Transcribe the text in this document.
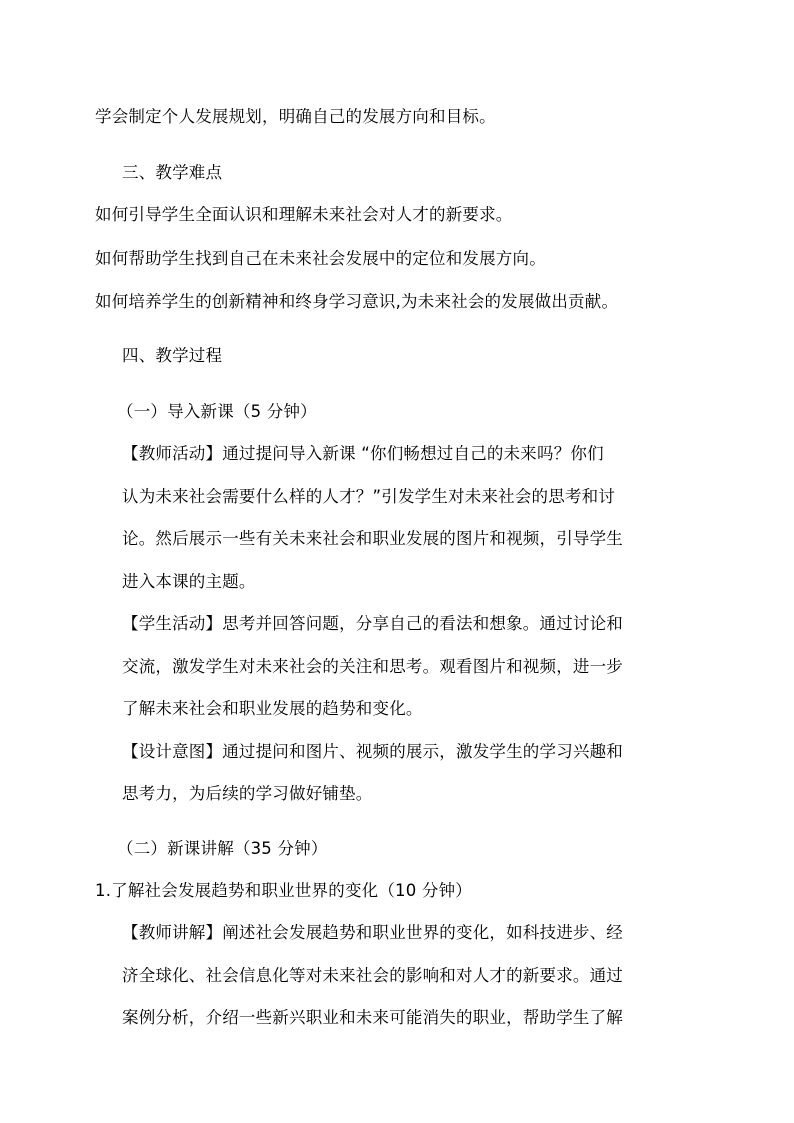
学会制定个人发展规划，明确自己的发展方向和目标。
三、教学难点
如何引导学生全面认识和理解未来社会对人才的新要求。
如何帮助学生找到自己在未来社会发展中的定位和发展方向。
如何培养学生的创新精神和终身学习意识,为未来社会的发展做出贡献。
四、教学过程
（一）导入新课（5 分钟）
【教师活动】通过提问导入新课 “你们畅想过自己的未来吗？你们
认为未来社会需要什么样的人才？”引发学生对未来社会的思考和讨
论。然后展示一些有关未来社会和职业发展的图片和视频，引导学生
进入本课的主题。
【学生活动】思考并回答问题，分享自己的看法和想象。通过讨论和
交流，激发学生对未来社会的关注和思考。观看图片和视频，进一步
了解未来社会和职业发展的趋势和变化。
【设计意图】通过提问和图片、视频的展示，激发学生的学习兴趣和
思考力，为后续的学习做好铺垫。
（二）新课讲解（35 分钟）
1.了解社会发展趋势和职业世界的变化（10 分钟）
【教师讲解】阐述社会发展趋势和职业世界的变化，如科技进步、经
济全球化、社会信息化等对未来社会的影响和对人才的新要求。通过
案例分析，介绍一些新兴职业和未来可能消失的职业，帮助学生了解
